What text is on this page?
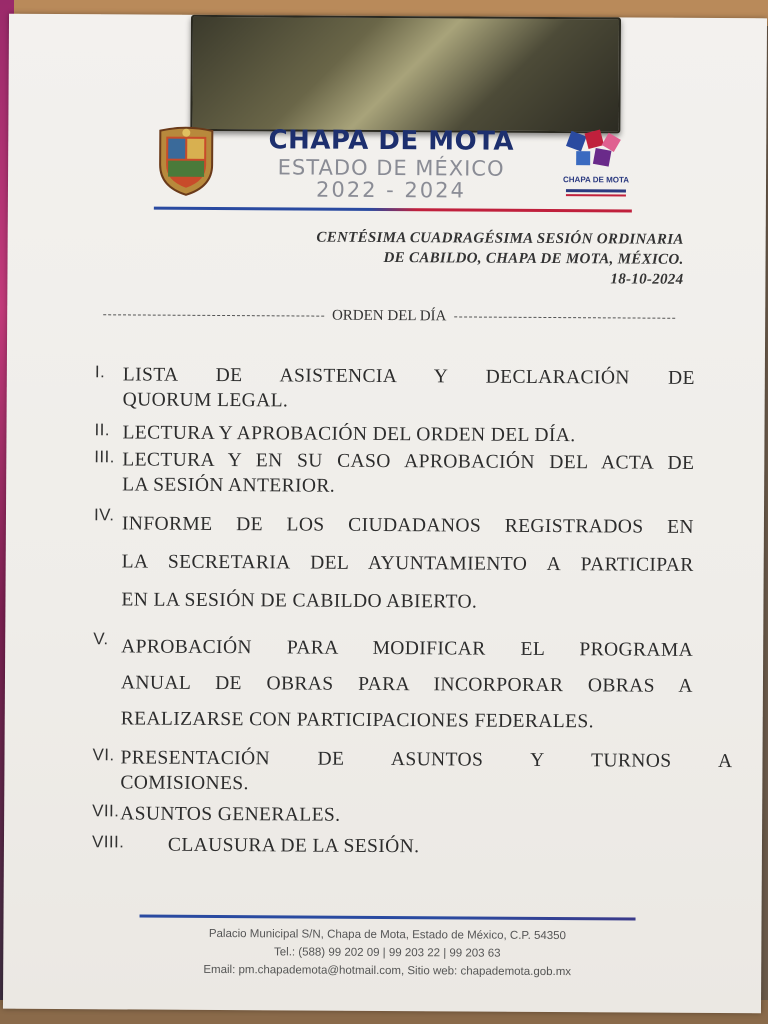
CHAPA DE MOTA
ESTADO DE MÉXICO
2022 - 2024	CHAPA DE MOTA
CENTÉSIMA CUADRAGÉSIMA SESIÓN ORDINARIA
DE CABILDO, CHAPA DE MOTA, MÉXICO.
18-10-2024
ORDEN DEL DÍA
I. LISTA DE ASISTENCIA Y DECLARACIÓN DE
QUORUM LEGAL.
II. LECTURA Y APROBACIÓN DEL ORDEN DEL DÍA.
III. LECTURA Y EN SU CASO APROBACIÓN DEL ACTA DE
LA SESIÓN ANTERIOR.
IV. INFORME DE LOS CIUDADANOS REGISTRADOS EN
LA SECRETARIA DEL AYUNTAMIENTO A PARTICIPAR
EN LA SESIÓN DE CABILDO ABIERTO.
V. APROBACIÓN PARA MODIFICAR EL PROGRAMA
ANUAL DE OBRAS PARA INCORPORAR OBRAS A
REALIZARSE CON PARTICIPACIONES FEDERALES.
VI. PRESENTACIÓN DE ASUNTOS Y TURNOS A
COMISIONES.
VII. ASUNTOS GENERALES.
VIII. CLAUSURA DE LA SESIÓN.
Palacio Municipal S/N, Chapa de Mota, Estado de México, C.P. 54350
Tel.: (588) 99 202 09 | 99 203 22 | 99 203 63
Email: pm.chapademota@hotmail.com, Sitio web: chapademota.gob.mx
